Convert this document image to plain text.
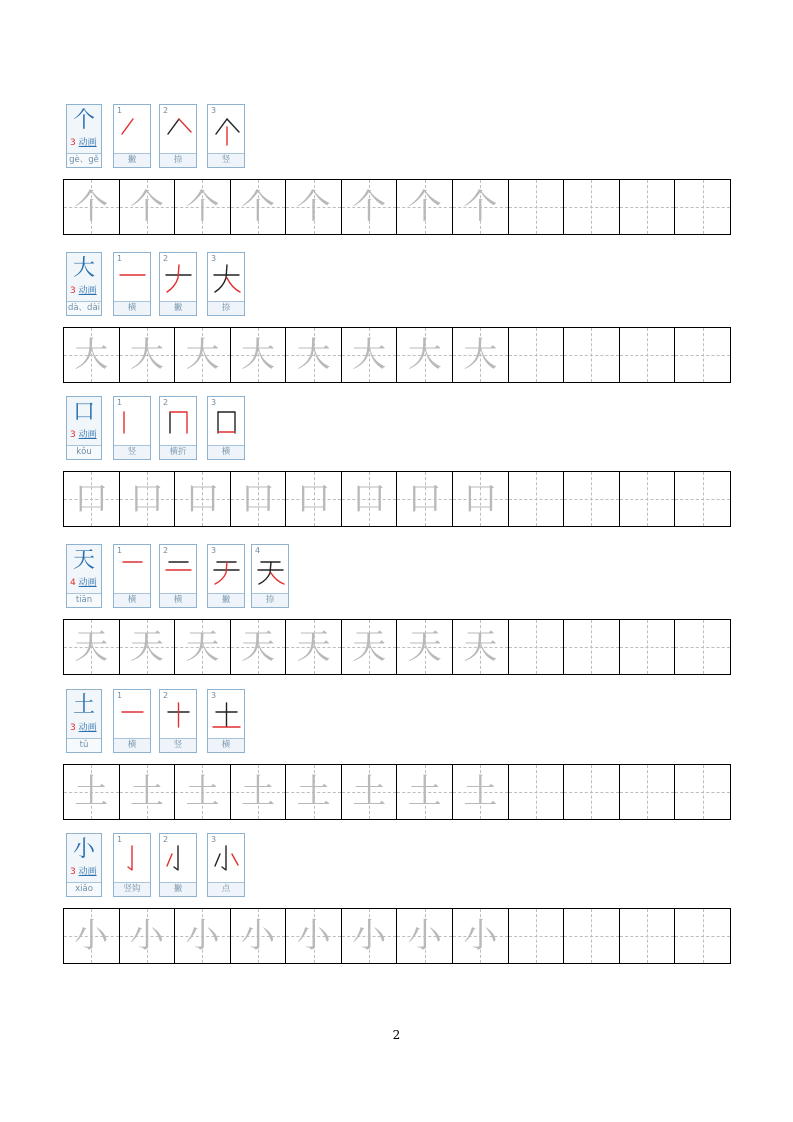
个
3 动画
gè、gě
1
撇
2
捺
3
竖
个 个 个 个 个 个 个 个
大
3 动画
dà、dài
1
横
2
撇
3
捺
大 大 大 大 大 大 大 大
口
3 动画
kǒu
1
竖
2
横折
3
横
口 口 口 口 口 口 口 口
天
4 动画
tiān
1
横
2
横
3
撇
4
捺
天 天 天 天 天 天 天 天
土
3 动画
tǔ
1
横
2
竖
3
横
土 土 土 土 土 土 土 土
小
3 动画
xiǎo
1
竖钩
2
撇
3
点
小 小 小 小 小 小 小 小
2
